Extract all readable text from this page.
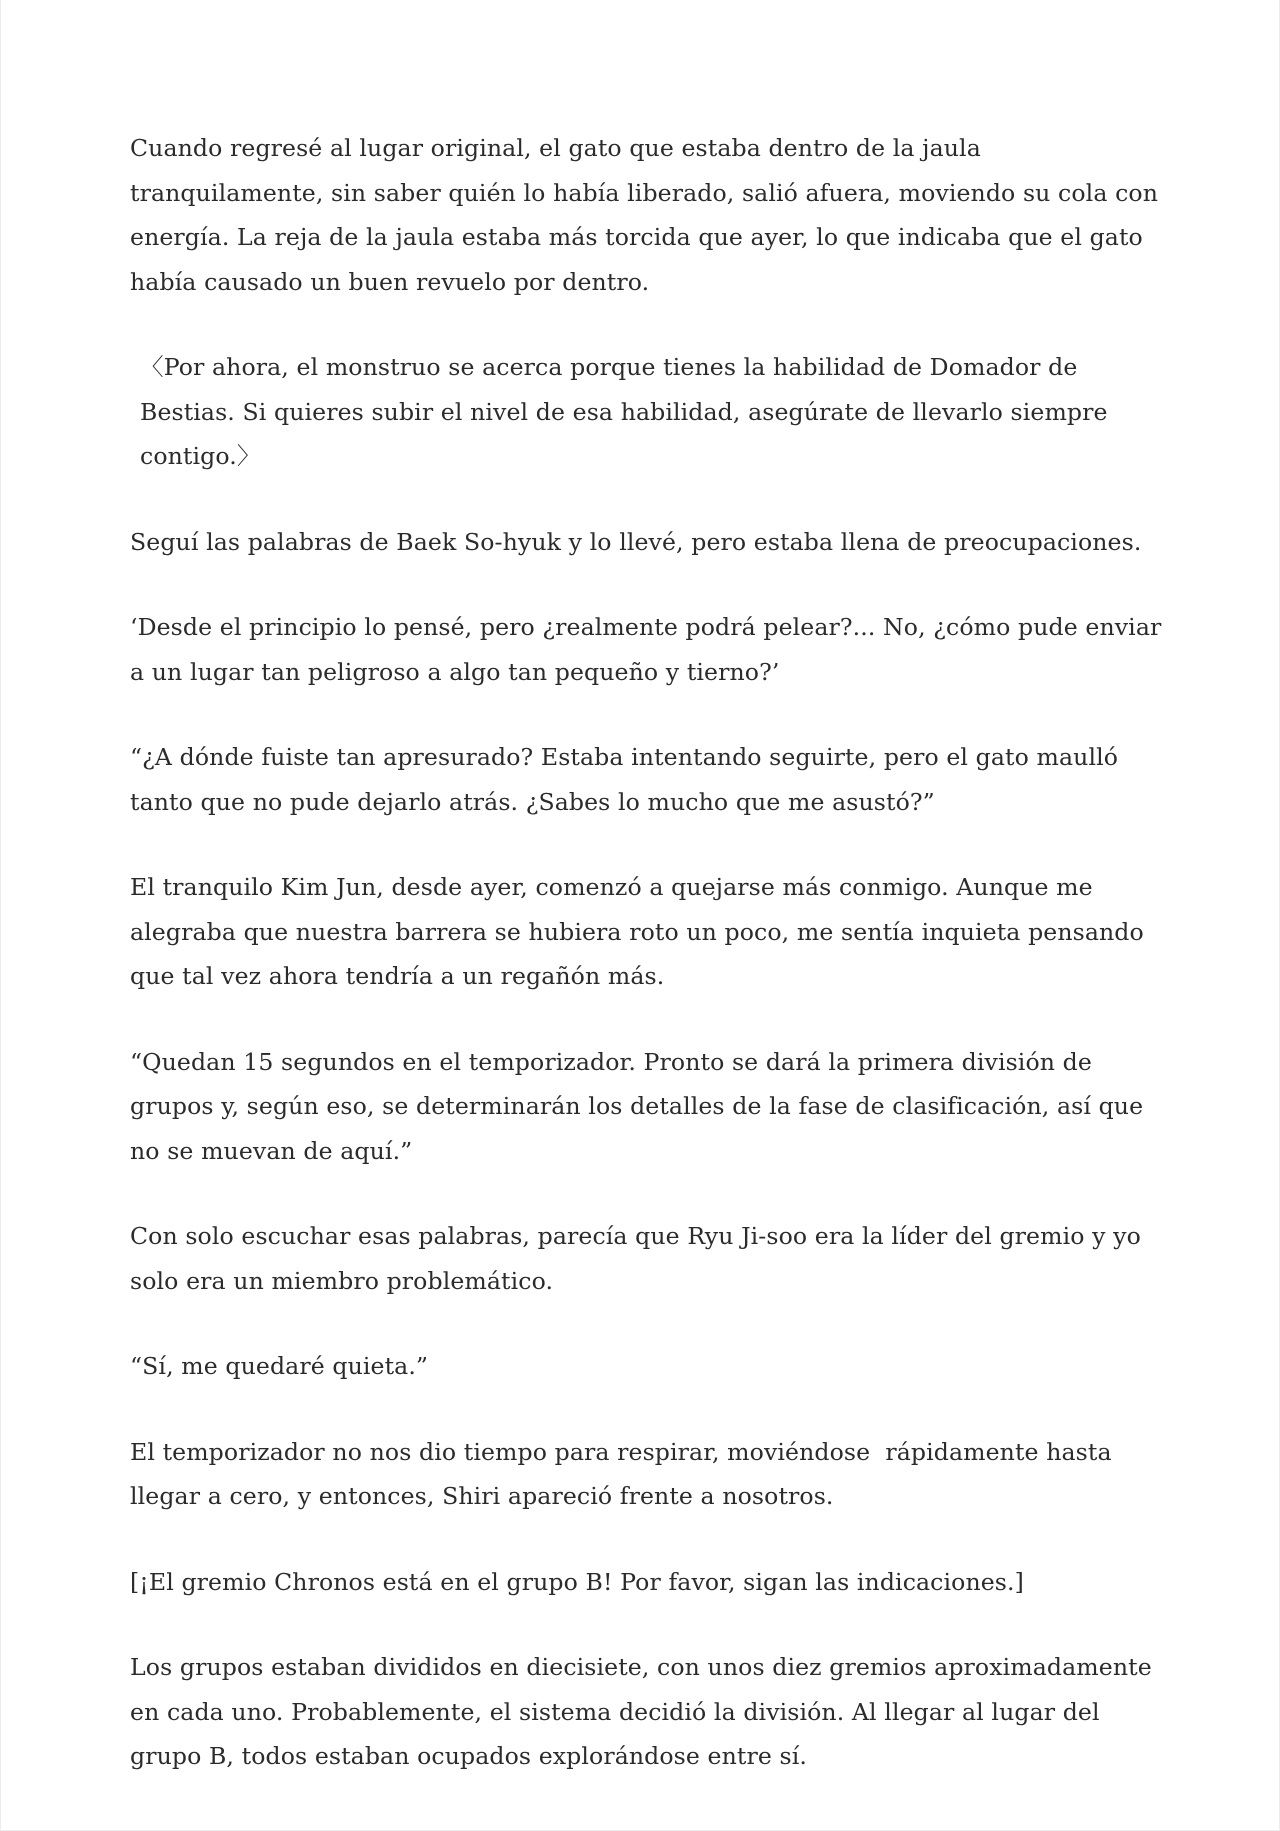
Cuando regresé al lugar original, el gato que estaba dentro de la jaula tranquilamente, sin saber quién lo había liberado, salió afuera, moviendo su cola con energía. La reja de la jaula estaba más torcida que ayer, lo que indicaba que el gato había causado un buen revuelo por dentro.

〈Por ahora, el monstruo se acerca porque tienes la habilidad de Domador de Bestias. Si quieres subir el nivel de esa habilidad, asegúrate de llevarlo siempre contigo.〉

Seguí las palabras de Baek So-hyuk y lo llevé, pero estaba llena de preocupaciones.

‘Desde el principio lo pensé, pero ¿realmente podrá pelear?... No, ¿cómo pude enviar a un lugar tan peligroso a algo tan pequeño y tierno?’

“¿A dónde fuiste tan apresurado? Estaba intentando seguirte, pero el gato maulló tanto que no pude dejarlo atrás. ¿Sabes lo mucho que me asustó?”

El tranquilo Kim Jun, desde ayer, comenzó a quejarse más conmigo. Aunque me alegraba que nuestra barrera se hubiera roto un poco, me sentía inquieta pensando que tal vez ahora tendría a un regañón más.

“Quedan 15 segundos en el temporizador. Pronto se dará la primera división de grupos y, según eso, se determinarán los detalles de la fase de clasificación, así que no se muevan de aquí.”

Con solo escuchar esas palabras, parecía que Ryu Ji-soo era la líder del gremio y yo solo era un miembro problemático.

“Sí, me quedaré quieta.”

El temporizador no nos dio tiempo para respirar, moviéndose  rápidamente hasta llegar a cero, y entonces, Shiri apareció frente a nosotros.

[¡El gremio Chronos está en el grupo B! Por favor, sigan las indicaciones.]

Los grupos estaban divididos en diecisiete, con unos diez gremios aproximadamente en cada uno. Probablemente, el sistema decidió la división. Al llegar al lugar del grupo B, todos estaban ocupados explorándose entre sí.
